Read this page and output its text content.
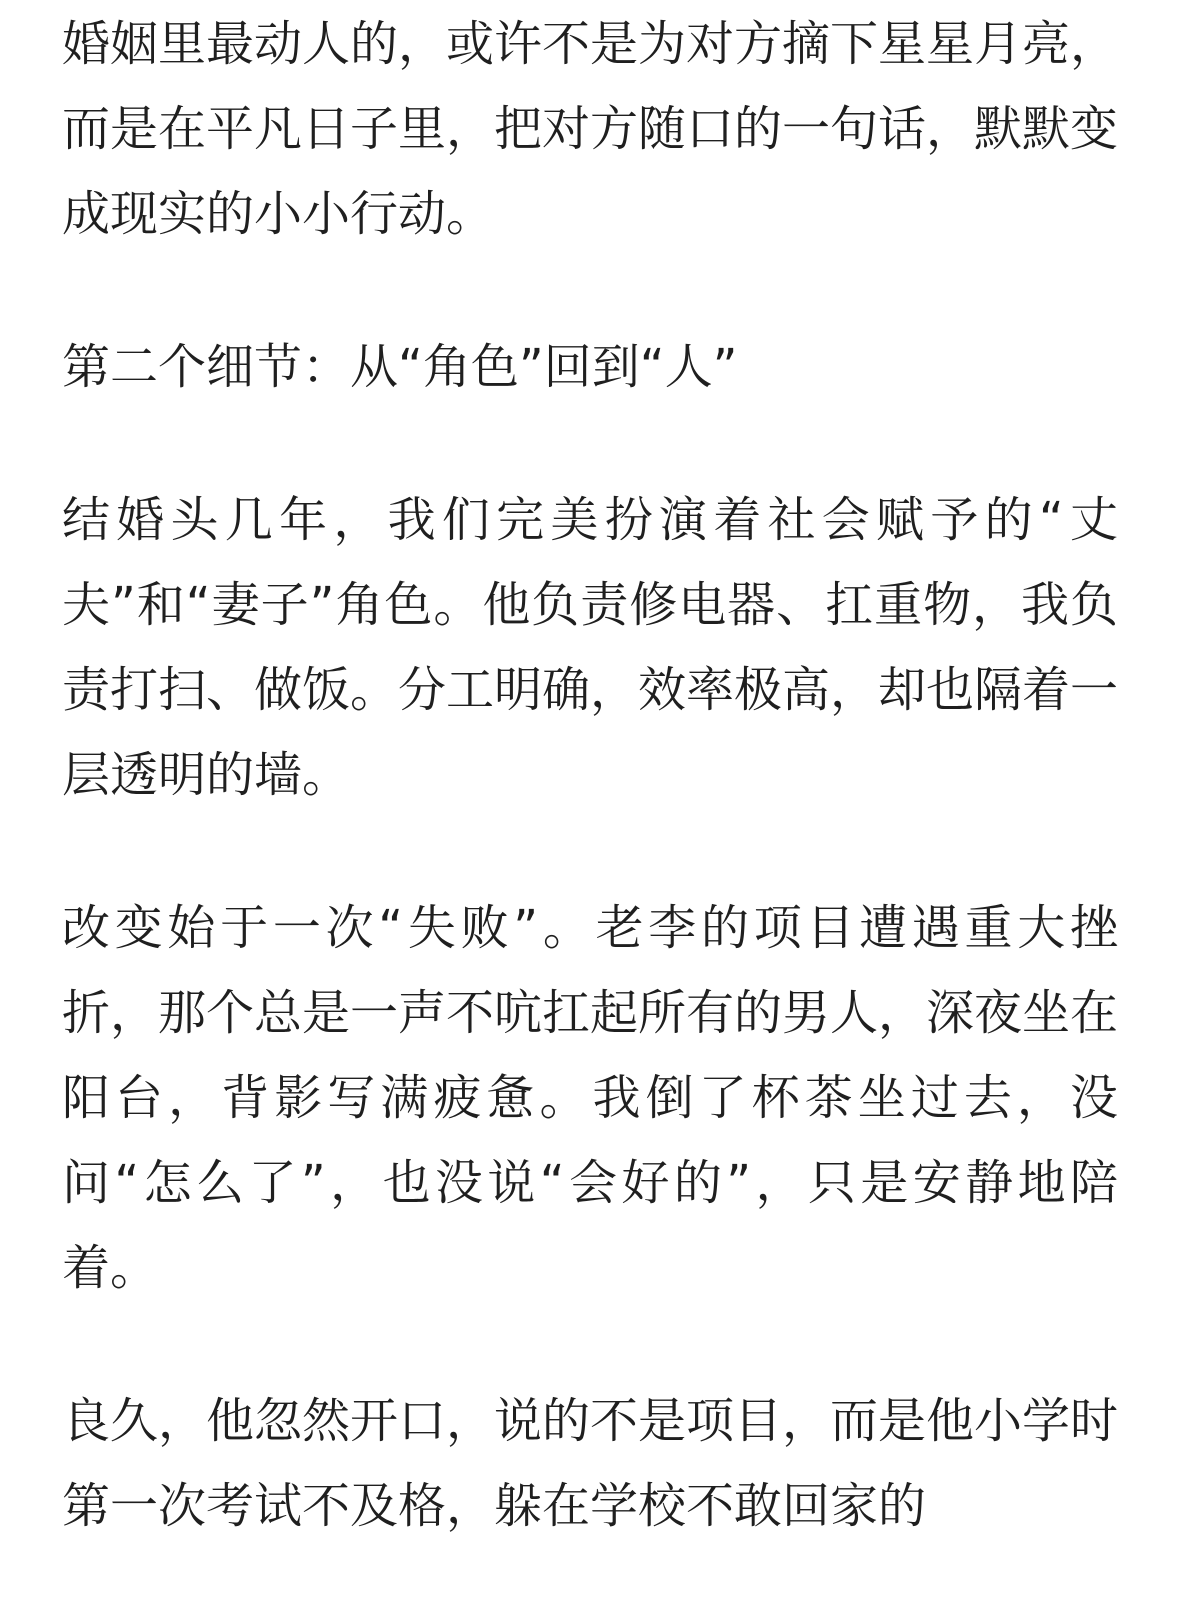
婚姻里最动人的，或许不是为对方摘下星星月亮，而是在平凡日子里，把对方随口的一句话，默默变成现实的小小行动。

第二个细节：从“角色”回到“人”

结婚头几年，我们完美扮演着社会赋予的“丈夫”和“妻子”角色。他负责修电器、扛重物，我负责打扫、做饭。分工明确，效率极高，却也隔着一层透明的墙。

改变始于一次“失败”。老李的项目遭遇重大挫折，那个总是一声不吭扛起所有的男人，深夜坐在阳台，背影写满疲惫。我倒了杯茶坐过去，没问“怎么了”，也没说“会好的”，只是安静地陪着。

良久，他忽然开口，说的不是项目，而是他小学时第一次考试不及格，躲在学校不敢回家的
